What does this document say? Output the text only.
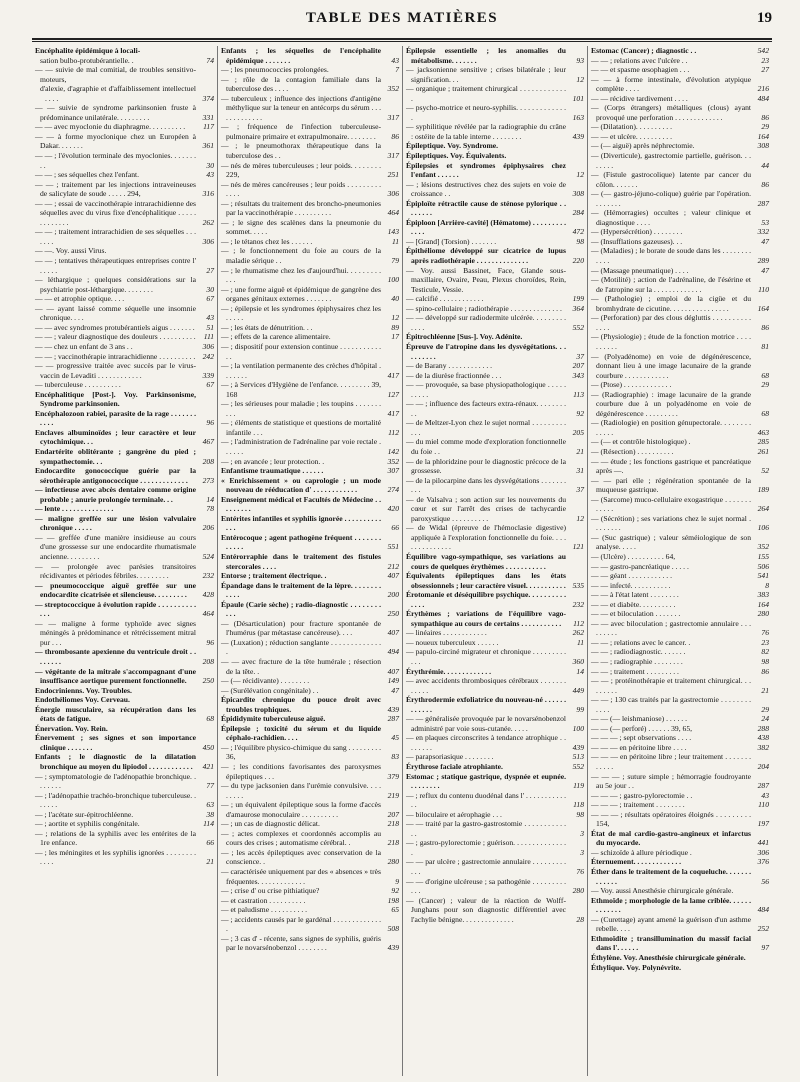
TABLE DES MATIÈRES	19
Encéphalite épidémique à locali-
sation bulbo-protubérantielle. .	74
— — suivie de mal comitial, de troubles sensitivo-moteurs,
d'alexie, d'agraphie et d'affaiblissement intellectuel . . . .	374
— — suivie de syndrome parkinsonien fruste à prédominance unilatérale. . . . . . . . .	331
— — avec myoclonie du diaphragme. . . . . . . . . .	117
— — à forme myoclonique chez un Européen à Dakar. . . . . . .	361
— — ; l'évolution terminale des myoclonies. . . . . . . . .	30
— — ; ses séquelles chez l'enfant.	43
— — ; traitement par les injections intraveineuses de salicylate de soude . . . . . 294,	316
— — ; essai de vaccinothérapie intrarachidienne des séquelles avec du virus fixe d'encéphalitique . . . . . . . . . . . . .	262
— — ; traitement intrarachidien de ses séquelles . . . . . . .	306
— —. Voy. aussi Virus.
— — ; tentatives thérapeutiques entreprises contre l' . . . . .	27
— léthargique ; quelques considérations sur la psychiatrie post-léthargique. . . . . . . .	30
— — et atrophie optique. . . .	67
— — ayant laissé comme séquelle une insomnie chronique. . . .	43
— — avec syndromes protubérantiels aigus . . . . . . .	51
— — ; valeur diagnostique des douleurs . . . . . . . . . .	111
— — chez un enfant de 3 ans . .	306
— — ; vaccinothérapie intrarachidienne . . . . . . . . . . 242
— — progressive traitée avec succès par le virus-vaccin de Levaditi . . . . . . . . . . . .	339
— tuberculeuse . . . . . . . . . .	67
Encéphalitique [Post-]. Voy. Parkinsonisme, Syndrome parkinsonien.
Encéphalozoon rabiei, parasite de la rage . . . . . . . . . . .	96
Enclaves albuminoïdes ; leur caractère et leur cytochimique. . .	467
Endartérite oblitérante ; gangrène du pied ; sympathectomie. . .	208
Endocardite gonococcique guérie par la sérothérapie antigonococcique . . . . . . . . . . . . .	273
— infectieuse avec abcès dentaire comme origine probable ; anurie prolongée terminale. . .	14
— lente . . . . . . . . . . . . . .	78
— maligne greffée sur une lésion valvulaire chronique . . . . .	206
— — greffée d'une manière insidieuse au cours d'une grossesse sur une endocardite rhumatismale ancienne. . . . . . . . .	524
— — prolongée avec parésies transitoires récidivantes et périodes fébriles. . . . . . . . .	232
— pneumococcique aiguë greffée sur une endocardite cicatrisée et silencieuse. . . . . . . . .	428
— streptococcique à évolution rapide . . . . . . . . . . . . .	464
— — maligne à forme typhoïde avec signes méningés à prédominance et rétrécissement mitral pur . . .	96
— thrombosante apexienne du ventricule droit . . . . . . . .	208
— végétante de la mitrale s'accompagnant d'une insuffisance aortique purement fonctionnelle.	250
Endocrinienns. Voy. Troubles.
Endothéliomes Voy. Cerveau.
Énergie musculaire, sa récupération dans les états de fatigue.	68
Énervation. Voy. Rein.
Énervement ; ses signes et son importance clinique . . . . . . .	450
Enfants ; le diagnostic de la dilatation bronchique au moyen du lipiodol . . . . . . . . . . . .	421
— ; symptomatologie de l'adénopathie bronchique. . . . . . . .	77
— ; l'adénopathie trachéo-bronchique tuberculeuse. . . . . . .	63
— ; l'acétate sur-épitrochléenne.	38
— ; aortite et syphilis congénitale.	114
— ; relations de la syphilis avec les entérites de la 1re enfance.	66
— ; les méningites et les syphilis ignorées . . . . . . . . . . . .	21
Enfants ; les séquelles de l'encéphalite épidémique . . . . . . .	43
— ; les pneumococcies prolongées.	7
— ; rôle de la contagion familiale dans la tuberculose des . . . .	352
— tuberculeux ; influence des injections d'antigène méthylique sur la teneur en antécorps du sérum . . . . . . . . . . . . .	317
— ; fréquence de l'infection tuberculeuse-pulmonaire primaire et extrapulmonaire. . . . . . . .	86
— ; le pneumothorax thérapeutique dans la tuberculose des . .	317
— nés de mères tuberculeuses ; leur poids. . . . . . . . 229,	251
— nés de mères cancéreuses ; leur poids . . . . . . . . . . . . .	306
— ; résultats du traitement des broncho-pneumonies par la vaccinothérapie . . . . . . . . . .	464
— ; le signe des scalènes dans la pneumonie du sommet. . . . .	143
— ; le tétanos chez les . . . . . .	11
— ; le fonctionnement du foie au cours de la maladie sérique . .	79
— ; le rhumatisme chez les d'aujourd'hui. . . . . . . . . . . .	100
— ; une forme aiguë et épidémique de gangrène des organes génitaux externes . . . . . . .	40
— ; épilepsie et les syndromes épiphysaires chez les . . . . .	12
— ; les états de dénutrition. . .	89
— ; effets de la carence alimentaire.	17
— ; dispositif pour extension continue . . . . . . . . . . . . .
— ; la ventilation permanente des crèches d'hôpital . . . . . . .	417
— ; à Services d'Hygiène de l'enfance. . . . . . . . . 39, 168	127
— ; les sérieuses pour maladie ; les toupins . . . . . . . . . .	417
— ; éléments de statistique et questions de mortalité infantile . . .	112
— ; l'administration de l'adrénaline par voie rectale . . . . . .	142
— ; en avancée ; leur protection. .	352
Enfantisme traumatique . . . . . .	307
« Enrichissement » ou caprologie ; un mode nouveau de rééducation d' . . . . . . . . . . . .	274
Enseignement médical et Facultés de Médecine . . . . . . . . .	420
Entérites infantiles et syphilis ignorée . . . . . . . . . . . . .	66
Entérocoque ; agent pathogène fréquent . . . . . . . . . . . .	551
Entérorraphie dans le traitement des fistules stercorales . . . .	212
Entorse ; traitement électrique. .	407
Épandage dans le traitement de la lèpre. . . . . . . . . . . .	200
Épaule (Carie sèche) ; radio-diagnostic . . . . . . . . . . .	250
— (Désarticulation) pour fracture spontanée de l'humérus (par métastase cancéreuse). . . .	407
— (Luxation) ; réduction sanglante . . . . . . . . . . . . . .	494
— — avec fracture de la tête humérale ; résection de la tête. .	407
— (— récidivante) . . . . . . . .	149
— (Surélévation congénitale) . .	47
Épicardite chronique du pouce droit avec troubles trophiques.	439
Épididymite tuberculeuse aiguë.	287
Épilepsie ; toxicité du sérum et du liquide céphalo-rachidien. . . .	45
— ; l'équilibre physico-chimique du sang . . . . . . . . . 36,	83
— ; les conditions favorisantes des paroxysmes épileptiques . . .	379
— du type jacksonien dans l'urémie convulsive. . . . . . . . .	219
— ; un équivalent épileptique sous la forme d'accès d'amaurose monoculaire . . . . . . . . . .	207
— ; un cas de diagnostic délicat.	218
— ; actes complexes et coordonnés accomplis au cours des crises ; automatisme cérébral. .	218
— ; les accès épileptiques avec conservation de la conscience. .	280
— caractérisée uniquement par des « absences » très fréquentes. . . . . . . . . . . . .	9
— ; crise d' ou crise pithiatique?	92
— et castration . . . . . . . . . .	198
— et paludisme . . . . . . . . . .	65
— ; accidents causés par le gardénal . . . . . . . . . . . . . .	508
— ; 3 cas d' - récente, sans signes de syphilis, guéris par le novarsénobenzol . . . . . . . .	439
Épilepsie essentielle ; les anomalies du métabolisme. . . . . . .	93
— jacksonienne sensitive ; crises bilatérale ; leur signification. . .	12
— organique ; traitement chirurgical . . . . . . . . . . . . .	101
— psycho-motrice et neuro-syphilis. . . . . . . . . . . . . .	163
— syphilitique révélée par la radiographie du crâne : ostéite de la table interne . . . . . . . .	439
Épileptique. Voy. Syndrome.
Épileptiques. Voy. Équivalents.
Épilepsies et syndromes épiphysaires chez l'enfant . . . . . .	12
— ; lésions destructives chez des sujets en voie de croissance . .	308
Épiploïte rétractile cause de sténose pylorique . . . . . . . .	284
Épiploon [Arrière-cavité] (Hématome) . . . . . . . . . . . . .	472
— [Grand] (Torsion) . . . . . . .	98
Épithéliome développé sur cicatrice de lupus après radiothérapie . . . . . . . . . . . . . .	220
— Voy. aussi Bassinet, Face, Glande sous-maxillaire, Ovaire, Peau, Plexus choroïdes, Rein, Testicule, Vessie.
— calcifié . . . . . . . . . . . .	199
— spino-cellulaire ; radiothérapie . . . . . . . . . . . . . .	364
— — développé sur radiodermite ulcérée. . . . . . . . . . . . .	552
Épitrochléenne [Sus-]. Voy. Adénite.
Épreuve de l'atropine dans les dysvégétations. . . . . . . . . .	37
— de Barany . . . . . . . . . . . .	207
— de la diurèse fractionnée . . .	343
— — provoquée, sa base physiopathologique . . . . . . . . . .	113
— — ; influence des facteurs extra-rénaux. . . . . . . . . .	92
— de Meltzer-Lyon chez le sujet normal . . . . . . . . . . . .	205
— du miel comme mode d'exploration fonctionnelle du foie . .	21
— de la phloridzine pour le diagnostic précoce de la grossesse.	31
— de la pilocarpine dans les dysvégétations . . . . . . . . . .	37
— de Valsalva ; son action sur les nouvements du cœur et sur l'arrêt des crises de tachycardie paroxystique . . . . . . . . . .	12
— de Widal (épreuve de l'hémoclasie digestive) appliquée à l'exploration fonctionnelle du foie. . . . . . . . . . . . . . .	121
Équilibre vago-sympathique, ses variations au cours de quelques érythèmes . . . . . . . . . . .
Équivalents épileptiques dans les états obsessionnels ; leur caractère visuel. . . . . . . . . . . 535
Érotomanie et déséquilibre psychique. . . . . . . . . . . . . .	232
Érythèmes ; variations de l'équilibre vago-sympathique au cours de certains . . . . . . . . . . .	112
— linéaires . . . . . . . . . . . .	262
— noueux tuberculeux . . . . . .	11
— papulo-circiné migrateur et chronique . . . . . . . . . . . .	360
Érythrémie. . . . . . . . . . . . .	14
— avec accidents thrombosiques cérébraux . . . . . . . . . . . .	449
Érythrodermie exfoliatrice du nouveau-né . . . . . . . . . . . .	99
— — généralisée provoquée par le novarsénobenzol administré par voie sous-cutanée. . . . .	100
— en plaques circonscrites à tendance atrophique . . . . . . . .	439
— parapsoriasique . . . . . . . .	513
Érythrose faciale atrophiante.	552
Estomac ; statique gastrique, dyspnée et eupnée. . . . . . . . .	119
— ; reflux du contenu duodénal dans l' . . . . . . . . . . . . .	118
— biloculaire et aérophagie . . .	98
— — traité par la gastro-gastrostomie . . . . . . . . . . . . .	3
— ; gastro-pylorectomie ; guérison. . . . . . . . . . . . . . .	3
— — par ulcère ; gastrectomie annulaire . . . . . . . . . . . .	76
— — d'origine ulcéreuse ; sa pathogénie . . . . . . . . . . . .	280
— (Cancer) ; valeur de la réaction de Wolff-Junghans pour son diagnostic différentiel avec l'achylie bénigne. . . . . . . . . . . . . .	28
Estomac (Cancer) ; diagnostic . .	542
— — ; relations avec l'ulcère . .	23
— — et spasme œsophagien . . .	27
— — à forme intestinale, d'évolution atypique complète . . . .	216
— — récidive tardivement . . . .	484
— (Corps étrangers) métalliques (clous) ayant provoqué une perforation . . . . . . . . . . . . .	86
— (Dilatation). . . . . . . . . .	29
— — et ulcère. . . . . . . . . .	164
— (— aiguë) après néphrectomie.	308
— (Diverticule), gastrectomie partielle, guérison. . . . . . . .	44
— (Fistule gastrocolique) latente par cancer du côlon. . . . . . .	86
— (— gastro-jéjuno-colique) guérie par l'opération. . . . . . . .	287
— (Hémorragies) occultes ; valeur clinique et diagnostique . . . .	53
— (Hypersécrétion) . . . . . . . .	332
— (Insufflations gazeuses). . .	47
— (Maladies) ; le borate de soude dans les . . . . . . . . . . . .	289
— (Massage pneumatique) . . . .	47
— (Motilité) ; action de l'adrénaline, de l'ésérine et de l'atropine sur la . . . . . . . . . . . . .	110
— (Pathologie) ; emploi de la cigüe et du bromhydrate de cicutine. . . . . . . . . . . . . . . .	164
— (Perforation) par des clous dégluttis . . . . . . . . . . . . . .	86
— (Physiologie) ; étude de la fonction motrice . . . . . . . . . .	81
— (Polyadénome) en voie de dégénérescence, donnant lieu à une image lacunaire de la grande courbure . . . . . . . . . . . .	68
— (Ptose) . . . . . . . . . . . . .	29
— (Radiographie) : image lacunaire de la grande courbure due à un polyadénome en voie de dégénérescence . . . . . . . . .	68
— (Radiologie) en position génupectorale. . . . . . . . . . . . .	463
— (— et contrôle histologique) .	285
— (Résection) . . . . . . . . . .	261
— — étude ; les fonctions gastrique et pancréatique après —.	52
— — pari elle ; régénération spontanée de la muqueuse gastrique.	189
— (Sarcome) muco-cellulaire exogastrique . . . . . . . . . . . .	264
— (Sécrétion) ; ses variations chez le sujet normal . . . . . . . .	106
— (Suc gastrique) ; valeur séméiologique de son analyse. . . . .	352
— (Ulcère) . . . . . . . . . . 64,	155
— — gastro-pancréatique . . . . .	506
— — géant . . . . . . . . . . . .	541
— — infecté. . . . . . . . . . .	8
— — à l'état latent . . . . . . . .	383
— — et diabète. . . . . . . . . .	164
— — et biloculation . . . . . . .	280
— — avec biloculation ; gastrectomie annulaire . . . . . . . . .	76
— — ; relations avec le cancer. .	23
— — ; radiodiagnostic. . . . . . .	82
— — ; radiographie . . . . . . . .	98
— — ; traitement . . . . . . . . .	86
— — ; protéinothérapie et traitement chirurgical. . . . . . . . .	21
— — ; 130 cas traités par la gastrectomie . . . . . . . . . . . .	29
— — (— leishmaniose) . . . . . .	24
— — (— perforé) . . . . . . 39, 65,	288
— — — ; sept observations . . . .	438
— — — en péritoine libre . . . .	382
— — — en péritoine libre ; leur traitement . . . . . . . . . . . .	204
— — — ; suture simple ; hémorragie foudroyante au 5e jour . .	287
— — — ; gastro-pylorectomie . .	43
— — — ; traitement . . . . . . . .	110
— — — ; résultats opératoires éloignés . . . . . . . . . 154,	197
État de mal cardio-gastro-angineux et infarctus du myocarde.	441
— schizoïde à allure périodique .	306
Éternuement. . . . . . . . . . . . .	376
Éther dans le traitement de la coqueluche. . . . . . . . . . . . .	56
— Voy. aussi Anesthésie chirurgicale générale.
Ethmoïde ; morphologie de la lame criblée. . . . . . . . . . . . .	484
— (Curettage) ayant amené la guérison d'un asthme rebelle. . . .	252
Ethmoïdite ; transillumination du massif facial dans l'. . . . . .	97
Éthylène. Voy. Anesthésie chirurgicale générale.
Éthylique. Voy. Polynévrite.
